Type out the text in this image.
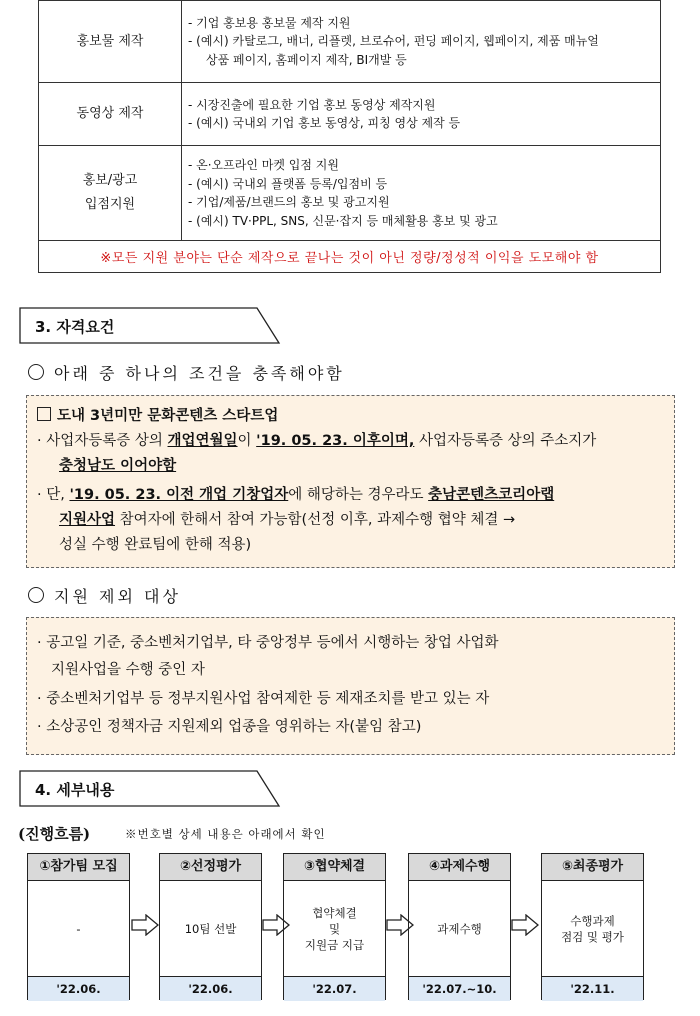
홍보물 제작	- 기업 홍보용 홍보물 제작 지원
- (예시) 카탈로그, 배너, 리플렛, 브로슈어, 펀딩 페이지, 웹페이지, 제품 매뉴얼
상품 페이지, 홈페이지 제작, BI개발 등

동영상 제작	- 시장진출에 필요한 기업 홍보 동영상 제작지원
- (예시) 국내외 기업 홍보 동영상, 피칭 영상 제작 등

홍보/광고
입점지원	- 온·오프라인 마켓 입점 지원
- (예시) 국내외 플랫폼 등록/입점비 등
- 기업/제품/브랜드의 홍보 및 광고지원
- (예시) TV·PPL, SNS, 신문·잡지 등 매체활용 홍보 및 광고

※모든 지원 분야는 단순 제작으로 끝나는 것이 아닌 정량/정성적 이익을 도모해야 함	
3. 자격요건
아래 중 하나의 조건을 충족해야함

도내 3년미만 문화콘텐츠 스타트업

· 사업자등록증 상의 개업연월일이 '19. 05. 23. 이후이며, 사업자등록증 상의 주소지가

충청남도 이어야함

· 단, '19. 05. 23. 이전 개업 기창업자에 해당하는 경우라도 충남콘텐츠코리아랩

지원사업 참여자에 한해서 참여 가능함(선정 이후, 과제수행 협약 체결 →

성실 수행 완료팀에 한해 적용)

지원 제외 대상

· 공고일 기준, 중소벤처기업부, 타 중앙정부 등에서 시행하는 창업 사업화

지원사업을 수행 중인 자

· 중소벤처기업부 등 정부지원사업 참여제한 등 제재조치를 받고 있는 자

· 소상공인 정책자금 지원제외 업종을 영위하는 자(붙임 참고)

4. 세부내용
(진행흐름)	※번호별 상세 내용은 아래에서 확인
①참가팀 모집
-
'22.06.
②선정평가
10팀 선발
'22.06.
③협약체결
협약체결
및
지원금 지급
'22.07.
④과제수행
과제수행
'22.07.~10.
⑤최종평가
수행과제
점검 및 평가
'22.11.
